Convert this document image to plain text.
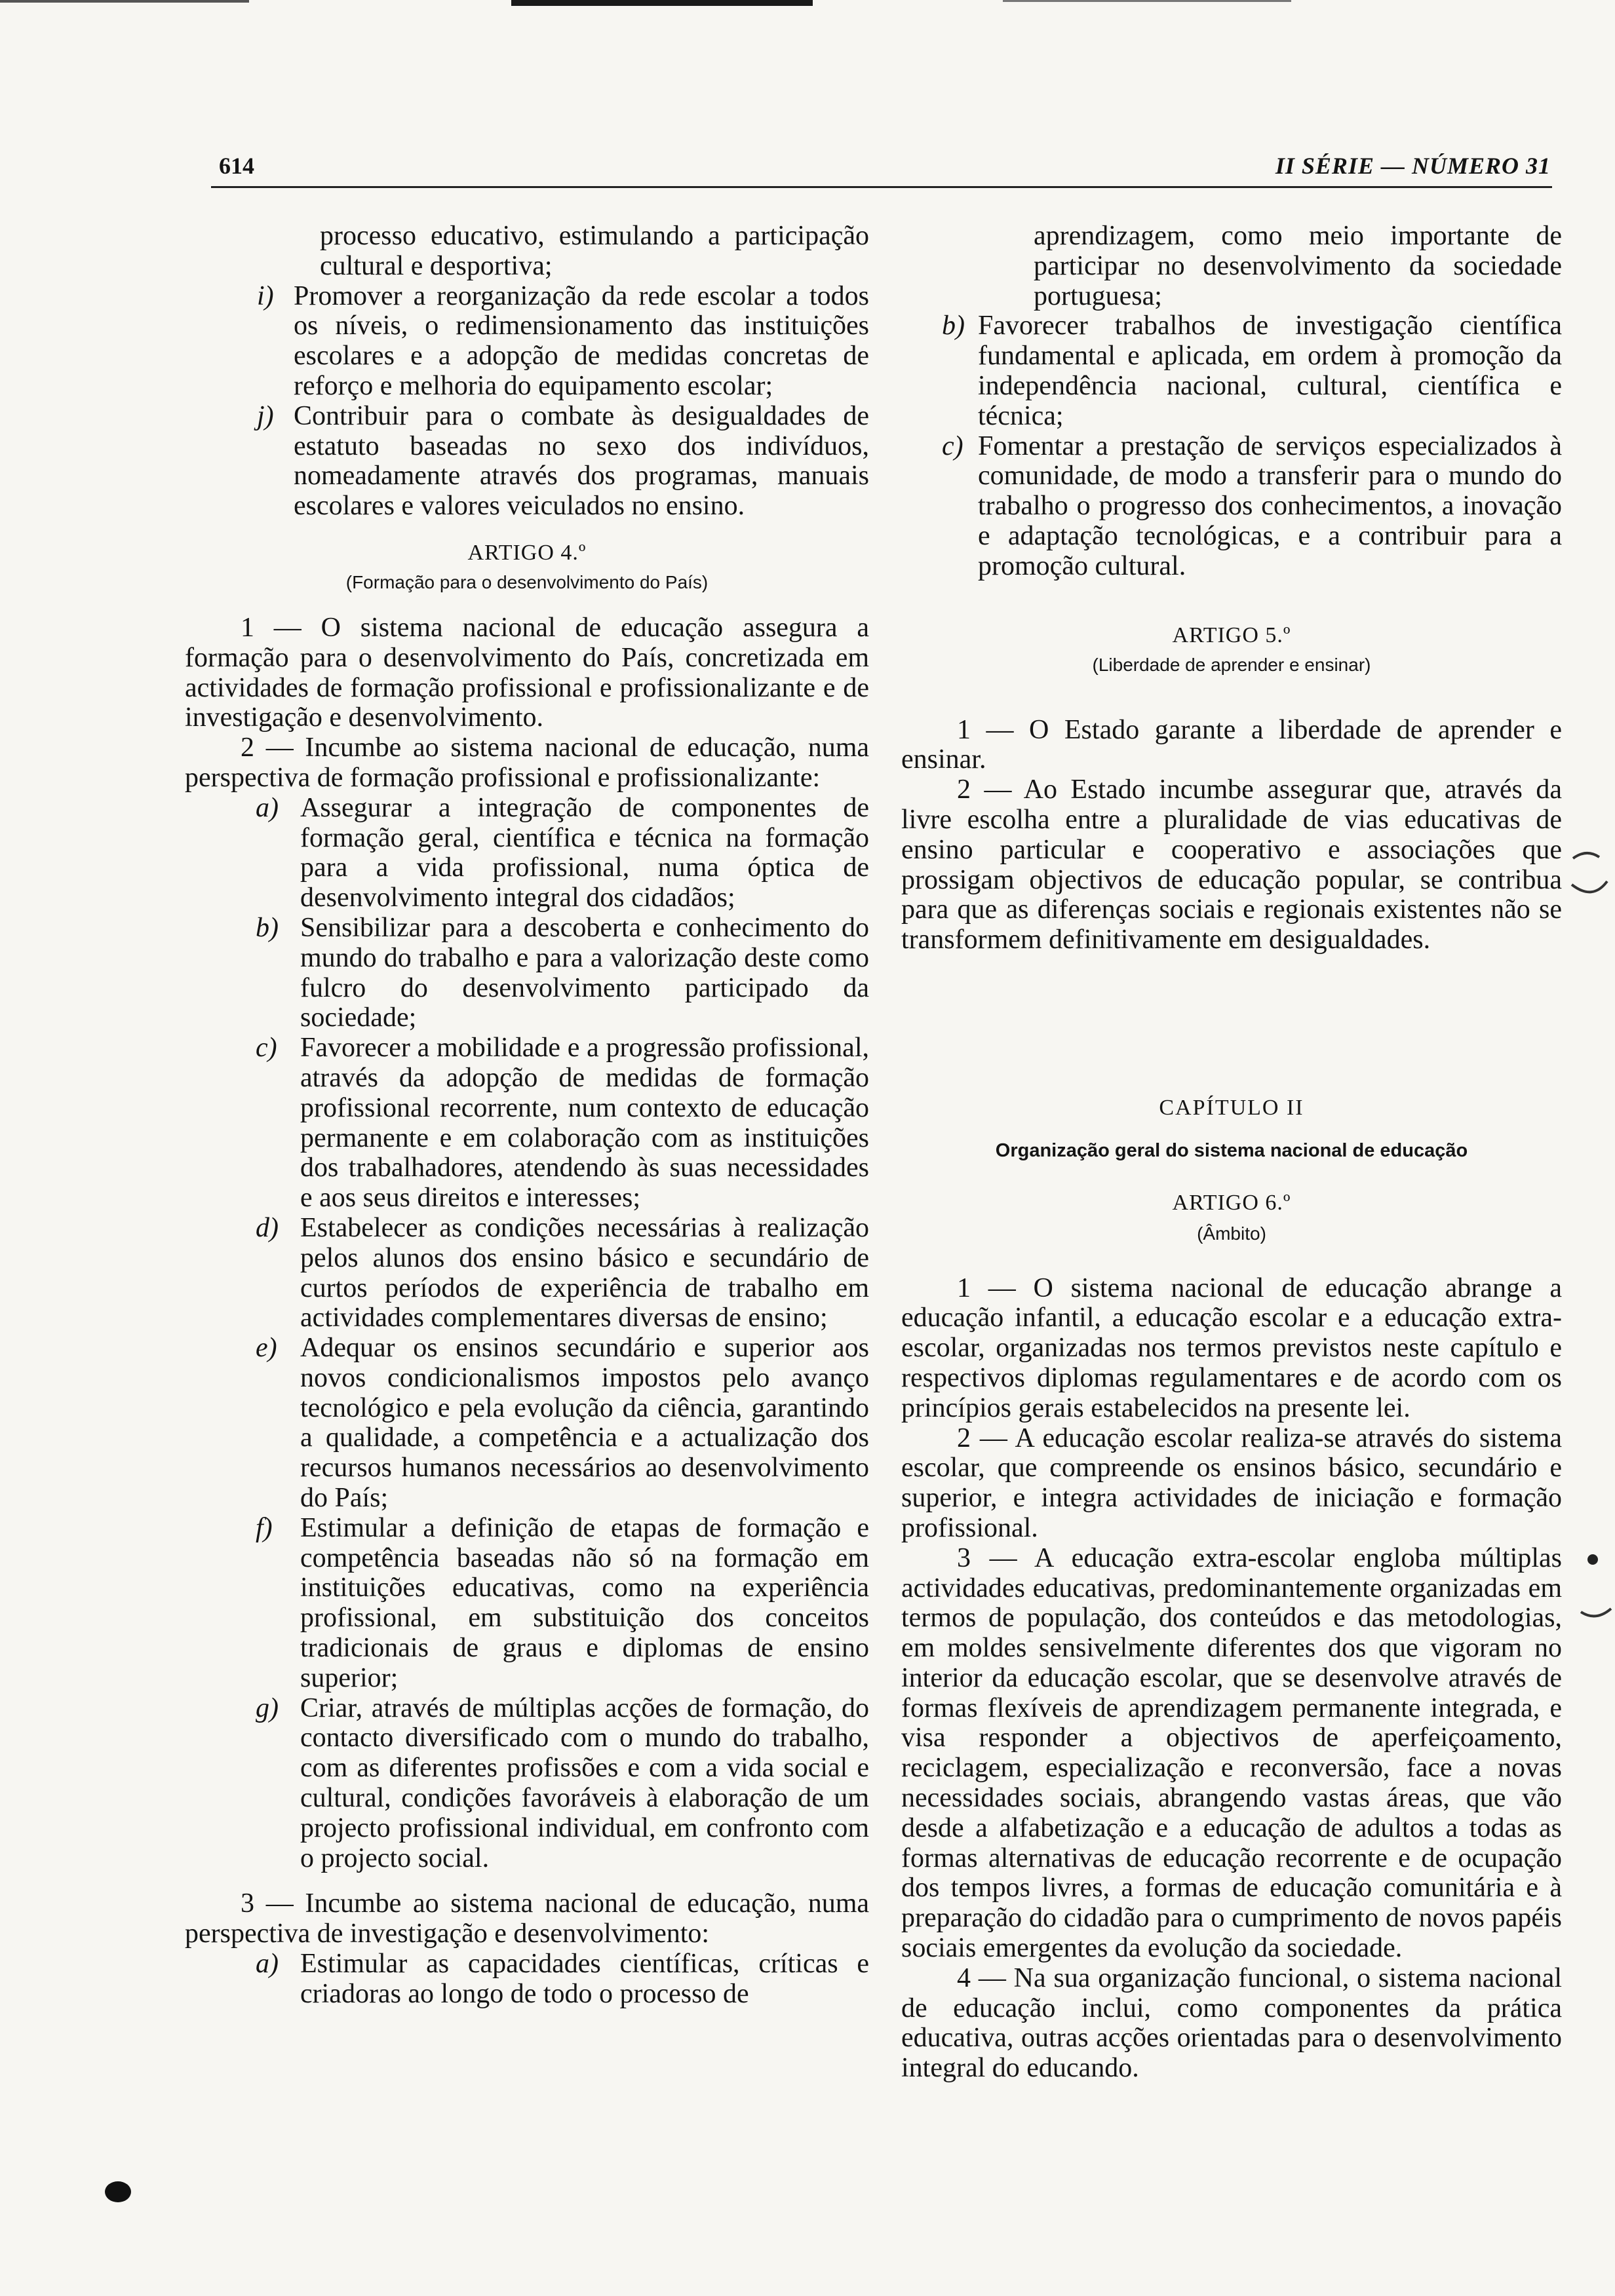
614	II SÉRIE — NÚMERO 31

processo educativo, estimulando a participação cultural e desportiva;

i) Promover a reorganização da rede escolar a todos os níveis, o redimensionamento das instituições escolares e a adopção de medidas concretas de reforço e melhoria do equipamento escolar;
j) Contribuir para o combate às desigualdades de estatuto baseadas no sexo dos indivíduos, nomeadamente através dos programas, manuais escolares e valores veiculados no ensino.

ARTIGO 4.º

(Formação para o desenvolvimento do País)

1 — O sistema nacional de educação assegura a formação para o desenvolvimento do País, concretizada em actividades de formação profissional e profissionalizante e de investigação e desenvolvimento.

2 — Incumbe ao sistema nacional de educação, numa perspectiva de formação profissional e profissionalizante:

a) Assegurar a integração de componentes de formação geral, científica e técnica na formação para a vida profissional, numa óptica de desenvolvimento integral dos cidadãos;
b) Sensibilizar para a descoberta e conhecimento do mundo do trabalho e para a valorização deste como fulcro do desenvolvimento participado da sociedade;
c) Favorecer a mobilidade e a progressão profissional, através da adopção de medidas de formação profissional recorrente, num contexto de educação permanente e em colaboração com as instituições dos trabalhadores, atendendo às suas necessidades e aos seus direitos e interesses;
d) Estabelecer as condições necessárias à realização pelos alunos dos ensino básico e secundário de curtos períodos de experiência de trabalho em actividades complementares diversas de ensino;
e) Adequar os ensinos secundário e superior aos novos condicionalismos impostos pelo avanço tecnológico e pela evolução da ciência, garantindo a qualidade, a competência e a actualização dos recursos humanos necessários ao desenvolvimento do País;
f) Estimular a definição de etapas de formação e competência baseadas não só na formação em instituições educativas, como na experiência profissional, em substituição dos conceitos tradicionais de graus e diplomas de ensino superior;
g) Criar, através de múltiplas acções de formação, do contacto diversificado com o mundo do trabalho, com as diferentes profissões e com a vida social e cultural, condições favoráveis à elaboração de um projecto profissional individual, em confronto com o projecto social.

3 — Incumbe ao sistema nacional de educação, numa perspectiva de investigação e desenvolvimento:

a) Estimular as capacidades científicas, críticas e criadoras ao longo de todo o processo de

aprendizagem, como meio importante de participar no desenvolvimento da sociedade portuguesa;

b) Favorecer trabalhos de investigação científica fundamental e aplicada, em ordem à promoção da independência nacional, cultural, científica e técnica;
c) Fomentar a prestação de serviços especializados à comunidade, de modo a transferir para o mundo do trabalho o progresso dos conhecimentos, a inovação e adaptação tecnológicas, e a contribuir para a promoção cultural.

ARTIGO 5.º

(Liberdade de aprender e ensinar)

1 — O Estado garante a liberdade de aprender e ensinar.

2 — Ao Estado incumbe assegurar que, através da livre escolha entre a pluralidade de vias educativas de ensino particular e cooperativo e associações que prossigam objectivos de educação popular, se contribua para que as diferenças sociais e regionais existentes não se transformem definitivamente em desigualdades.

CAPÍTULO II

Organização geral do sistema nacional de educação

ARTIGO 6.º

(Âmbito)

1 — O sistema nacional de educação abrange a educação infantil, a educação escolar e a educação extra-escolar, organizadas nos termos previstos neste capítulo e respectivos diplomas regulamentares e de acordo com os princípios gerais estabelecidos na presente lei.

2 — A educação escolar realiza-se através do sistema escolar, que compreende os ensinos básico, secundário e superior, e integra actividades de iniciação e formação profissional.

3 — A educação extra-escolar engloba múltiplas actividades educativas, predominantemente organizadas em termos de população, dos conteúdos e das metodologias, em moldes sensivelmente diferentes dos que vigoram no interior da educação escolar, que se desenvolve através de formas flexíveis de aprendizagem permanente integrada, e visa responder a objectivos de aperfeiçoamento, reciclagem, especialização e reconversão, face a novas necessidades sociais, abrangendo vastas áreas, que vão desde a alfabetização e a educação de adultos a todas as formas alternativas de educação recorrente e de ocupação dos tempos livres, a formas de educação comunitária e à preparação do cidadão para o cumprimento de novos papéis sociais emergentes da evolução da sociedade.

4 — Na sua organização funcional, o sistema nacional de educação inclui, como componentes da prática educativa, outras acções orientadas para o desenvolvimento integral do educando.
